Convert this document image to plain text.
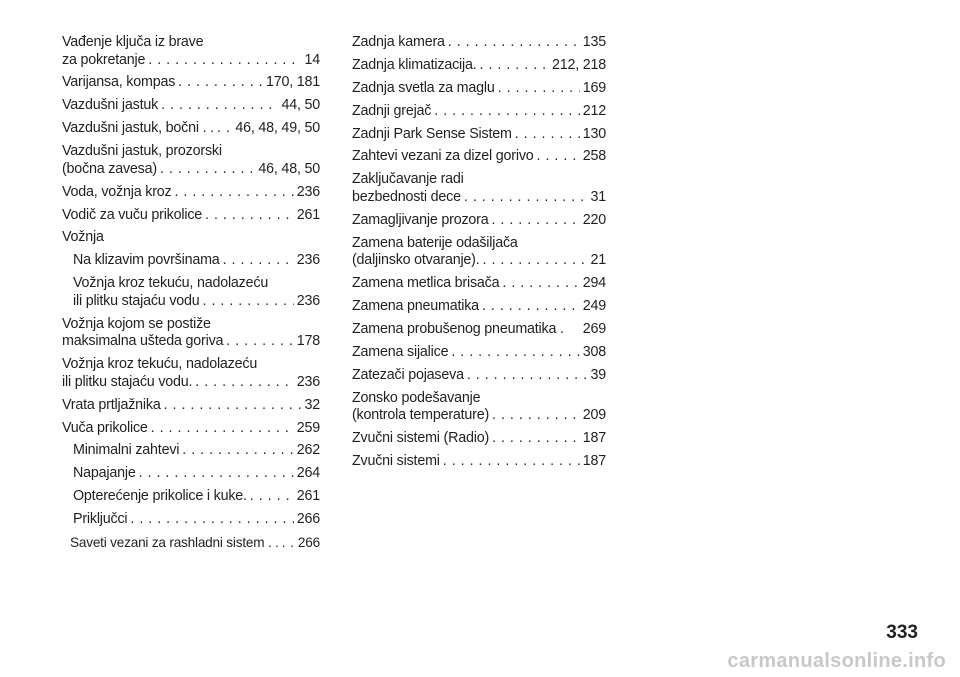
Vađenje ključa iz brave
za pokretanje . . .	14
Varijansa, kompas . . .	170, 181
Vazdušni jastuk . . .	44, 50
Vazdušni jastuk, bočni . . . . . 46, 48, 49, 50
Vazdušni jastuk, prozorski
(bočna zavesa) . . .	46, 48, 50
Voda, vožnja kroz . . .	236
Vodič za vuču prikolice . . .	261
Vožnja
Na klizavim površinama . . .	236
Vožnja kroz tekuću, nadolazeću
ili plitku stajaću vodu . . .	236
Vožnja kojom se postiže
maksimalna ušteda goriva . . .	178
Vožnja kroz tekuću, nadolazeću
ili plitku stajaću vodu. . . .	236
Vrata prtljažnika . . .	32
Vuča prikolice . . .	259
Minimalni zahtevi . . .	262
Napajanje . . .	264
Opterećenje prikolice i kuke. . . .	261
Priključci . . .	266
Saveti vezani za rashladni sistem . . . . . 266
Zadnja kamera . . .	135
Zadnja klimatizacija. . . .	212, 218
Zadnja svetla za maglu . . .	169
Zadnji grejač . . .	212
Zadnji Park Sense Sistem . . .	130
Zahtevi vezani za dizel gorivo . . .	258
Zaključavanje radi
bezbednosti dece . . .	31
Zamagljivanje prozora . . .	220
Zamena baterije odašiljača
(daljinsko otvaranje). . . .	21
Zamena metlica brisača . . .	294
Zamena pneumatika . . .	249
Zamena probušenog pneumatika . 269
Zamena sijalice . . .	308
Zatezači pojaseva . . .	39
Zonsko podešavanje
(kontrola temperature) . . .	209
Zvučni sistemi (Radio) . . .	187
Zvučni sistemi . . .	187
333
carmanualsonline.info
